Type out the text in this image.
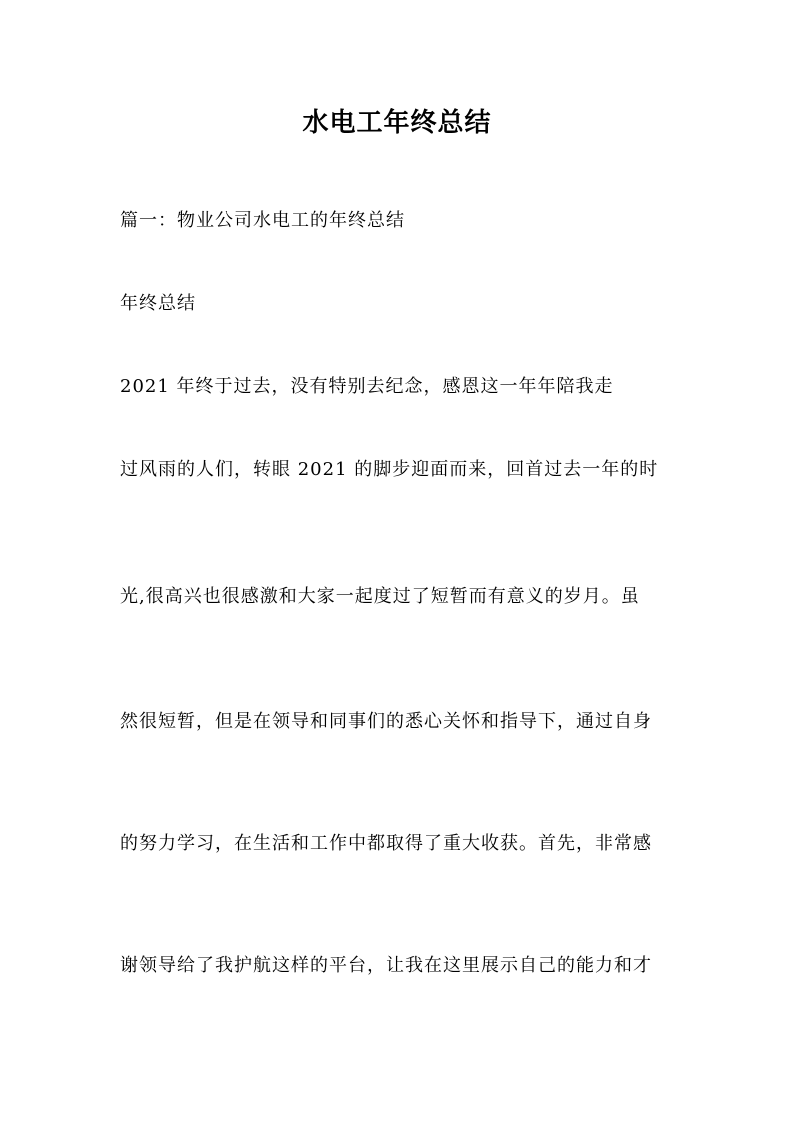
水电工年终总结
篇一：物业公司水电工的年终总结
年终总结
2021 年终于过去，没有特别去纪念，感恩这一年年陪我走
过风雨的人们，转眼 2021 的脚步迎面而来，回首过去一年的时
光,很高兴也很感激和大家一起度过了短暂而有意义的岁月。虽
然很短暂，但是在领导和同事们的悉心关怀和指导下，通过自身
的努力学习，在生活和工作中都取得了重大收获。首先，非常感
谢领导给了我护航这样的平台，让我在这里展示自己的能力和才
